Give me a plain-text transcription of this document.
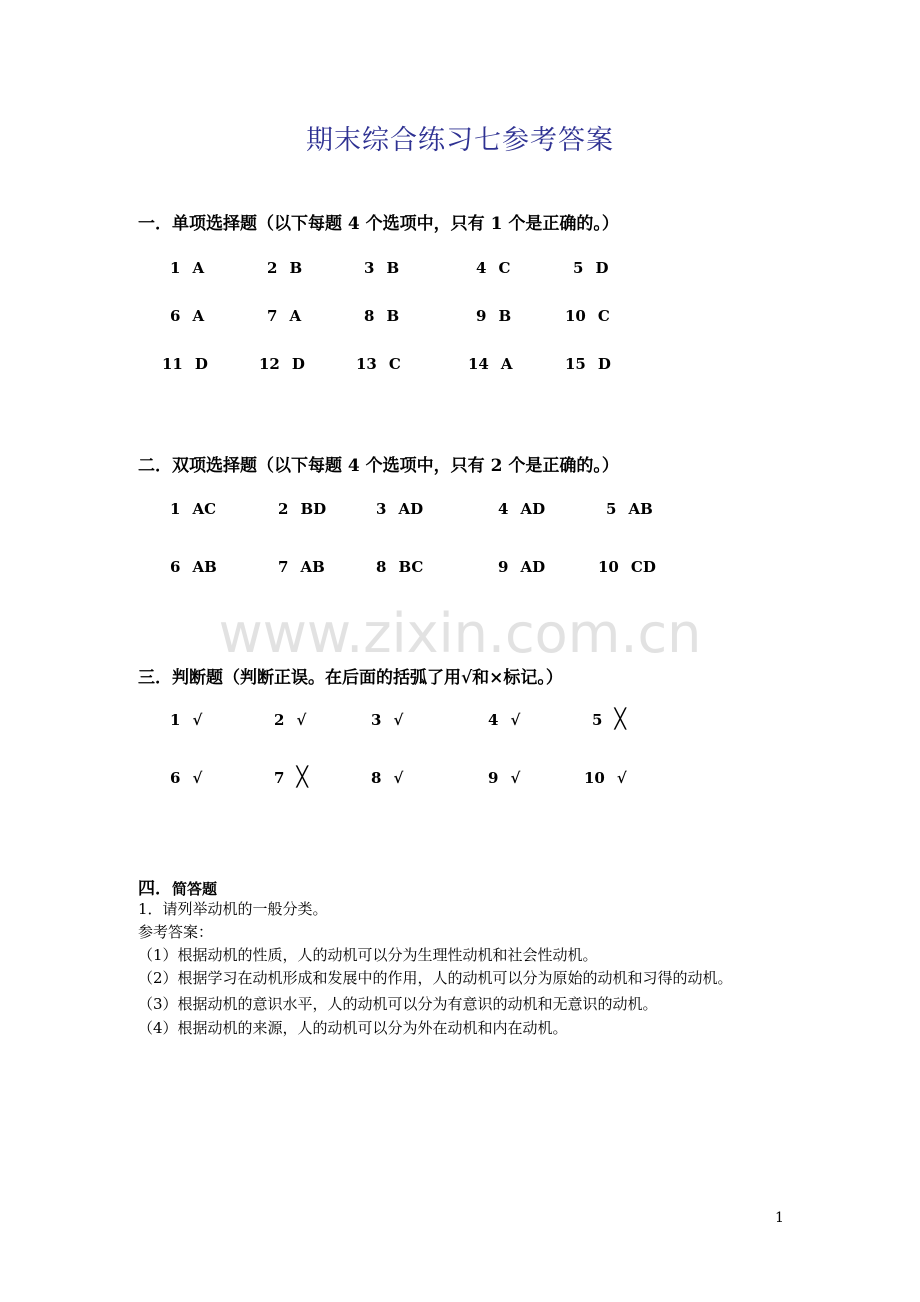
期末综合练习七参考答案
一．单项选择题（以下每题 4 个选项中，只有 1 个是正确的。）
1 A	2 B	3 B	4 C	5 D
6 A	7 A	8 B	9 B	10 C
11 D	12 D	13 C	14 A	15 D
二．双项选择题（以下每题 4 个选项中，只有 2 个是正确的。）
1 AC	2 BD	3 AD	4 AD	5 AB
6 AB	7 AB	8 BC	9 AD	10 CD
www.zixin.com.cn
三．判断题（判断正误。在后面的括弧了用√和×标记。）
1 √	2 √	3 √	4 √	5 ╳
6 √	7 ╳	8 √	9 √	10 √
四．简答题
1．请列举动机的一般分类。
参考答案：
（1）根据动机的性质，人的动机可以分为生理性动机和社会性动机。
（2）根据学习在动机形成和发展中的作用，人的动机可以分为原始的动机和习得的动机。
（3）根据动机的意识水平，人的动机可以分为有意识的动机和无意识的动机。
（4）根据动机的来源，人的动机可以分为外在动机和内在动机。
1
